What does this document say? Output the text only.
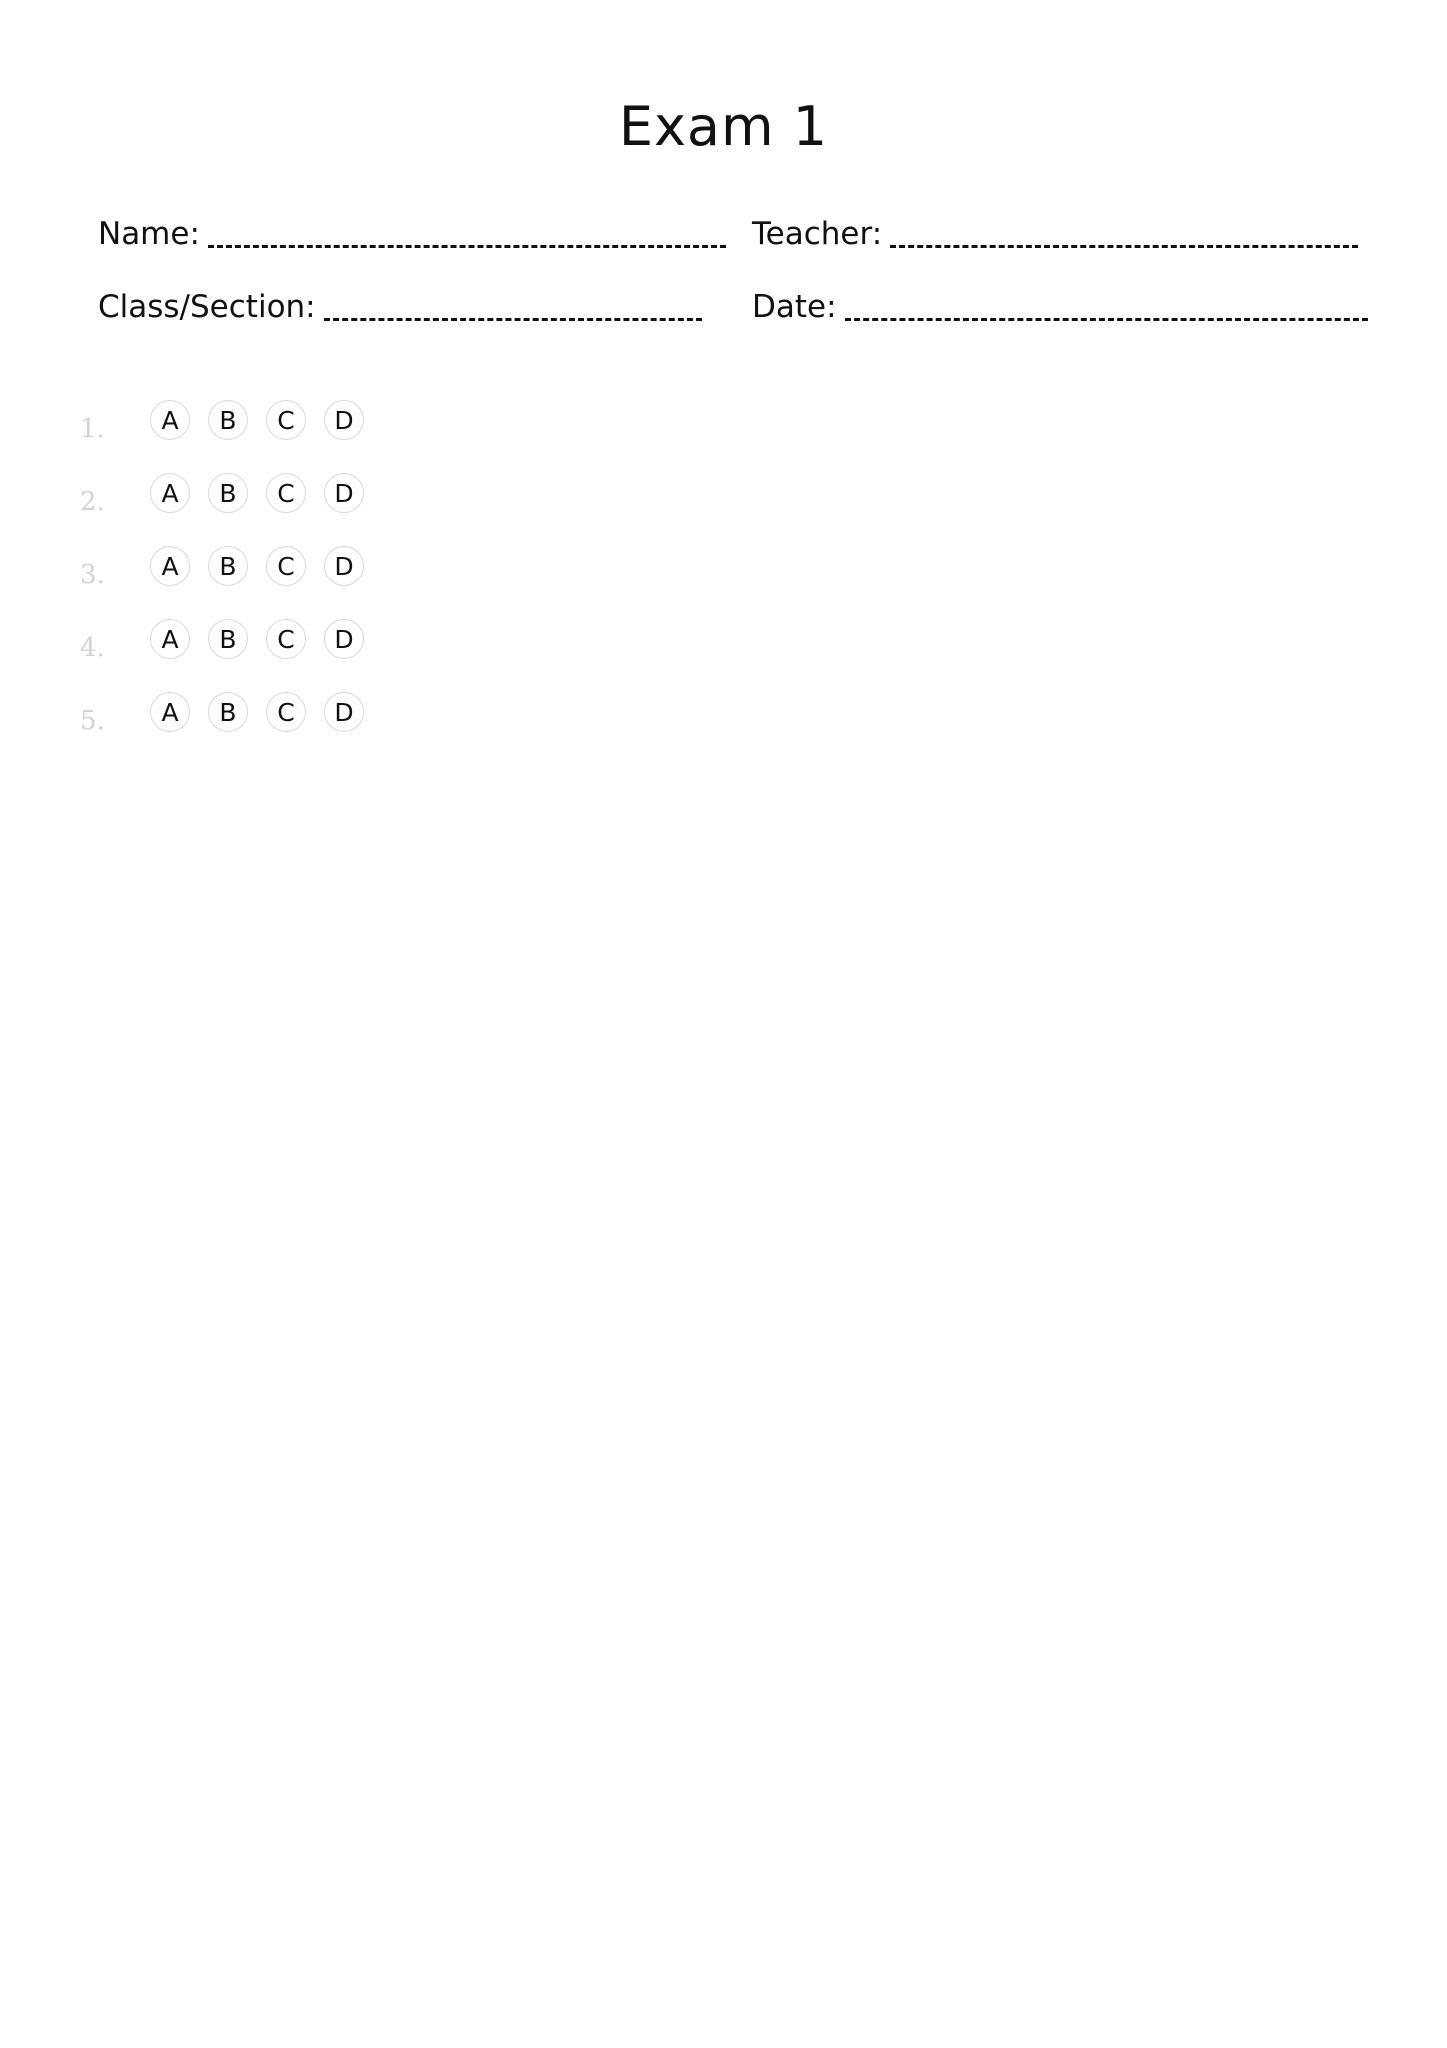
Exam 1
Name:	Teacher:
Class/Section:	Date:
1.	A	B	C	D
2.	A	B	C	D
3.	A	B	C	D
4.	A	B	C	D
5.	A	B	C	D
